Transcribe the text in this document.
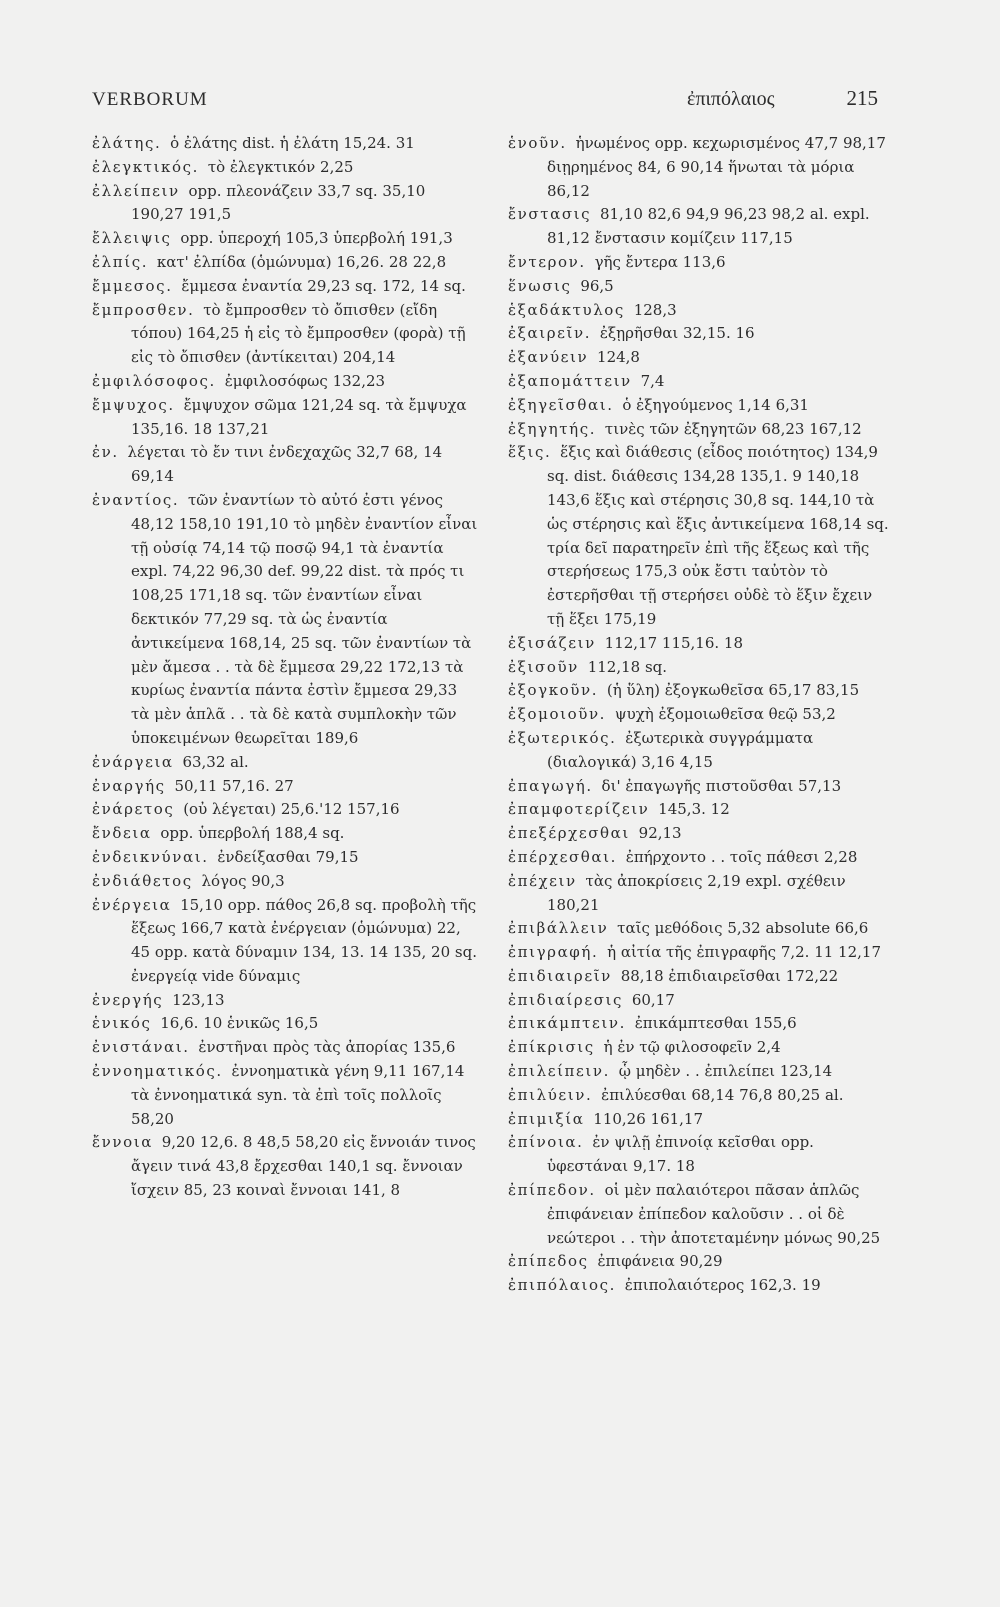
VERBORUM	ἐπιπόλαιος	215
ἐλάτης. ὁ ἐλάτης dist. ἡ ἐλάτη 15,24. 31
ἐλεγκτικός. τὸ ἐλεγκτικόν 2,25
ἐλλείπειν opp. πλεονάζειν 33,7 sq. 35,10 190,27 191,5
ἔλλειψις opp. ὑπεροχή 105,3 ὑπερβολή 191,3
ἐλπίς. κατ' ἐλπίδα (ὁμώνυμα) 16,26. 28 22,8
ἔμμεσος. ἔμμεσα ἐναντία 29,23 sq. 172, 14 sq.
ἔμπροσθεν. τὸ ἔμπροσθεν τὸ ὄπισθεν (εἴδη τόπου) 164,25 ἡ εἰς τὸ ἔμπροσθεν (φορὰ) τῇ εἰς τὸ ὄπισθεν (ἀντίκειται) 204,14
ἐμφιλόσοφος. ἐμφιλοσόφως 132,23
ἔμψυχος. ἔμψυχον σῶμα 121,24 sq. τὰ ἔμψυχα 135,16. 18 137,21
ἐν. λέγεται τὸ ἔν τινι ἐνδεχαχῶς 32,7 68, 14 69,14
ἐναντίος. τῶν ἐναντίων τὸ αὐτό ἐστι γένος 48,12 158,10 191,10 τὸ μηδὲν ἐναντίον εἶναι τῇ οὐσίᾳ 74,14 τῷ ποσῷ 94,1 τὰ ἐναντία expl. 74,22 96,30 def. 99,22 dist. τὰ πρός τι 108,25 171,18 sq. τῶν ἐναντίων εἶναι δεκτικόν 77,29 sq. τὰ ὡς ἐναντία ἀντικείμενα 168,14, 25 sq. τῶν ἐναντίων τὰ μὲν ἄμεσα . . τὰ δὲ ἔμμεσα 29,22 172,13 τὰ κυρίως ἐναντία πάντα ἐστὶν ἔμμεσα 29,33 τὰ μὲν ἁπλᾶ . . τὰ δὲ κατὰ συμπλοκὴν τῶν ὑποκειμένων θεωρεῖται 189,6
ἐνάργεια 63,32 al.
ἐναργής 50,11 57,16. 27
ἐνάρετος (οὐ λέγεται) 25,6.'12 157,16
ἔνδεια opp. ὑπερβολή 188,4 sq.
ἐνδεικνύναι. ἐνδείξασθαι 79,15
ἐνδιάθετος λόγος 90,3
ἐνέργεια 15,10 opp. πάθος 26,8 sq. προβολὴ τῆς ἕξεως 166,7 κατὰ ἐνέργειαν (ὁμώνυμα) 22, 45 opp. κατὰ δύναμιν 134, 13. 14 135, 20 sq. ἐνεργείᾳ vide δύναμις
ἐνεργής 123,13
ἑνικός 16,6. 10 ἑνικῶς 16,5
ἐνιστάναι. ἐνστῆναι πρὸς τὰς ἀπορίας 135,6
ἐννοηματικός. ἐννοηματικὰ γένη 9,11 167,14 τὰ ἐννοηματικά syn. τὰ ἐπὶ τοῖς πολλοῖς 58,20
ἔννοια 9,20 12,6. 8 48,5 58,20 εἰς ἔννοιάν τινος ἄγειν τινά 43,8 ἔρχεσθαι 140,1 sq. ἔννοιαν ἴσχειν 85, 23 κοιναὶ ἔννοιαι 141, 8
ἑνοῦν. ἡνωμένος opp. κεχωρισμένος 47,7 98,17 διῃρημένος 84, 6 90,14 ἥνωται τὰ μόρια 86,12
ἔνστασις 81,10 82,6 94,9 96,23 98,2 al. expl. 81,12 ἔνστασιν κομίζειν 117,15
ἔντερον. γῆς ἔντερα 113,6
ἕνωσις 96,5
ἑξαδάκτυλος 128,3
ἐξαιρεῖν. ἐξῃρῆσθαι 32,15. 16
ἐξανύειν 124,8
ἐξαπομάττειν 7,4
ἐξηγεῖσθαι. ὁ ἐξηγούμενος 1,14 6,31
ἐξηγητής. τινὲς τῶν ἐξηγητῶν 68,23 167,12
ἕξις. ἕξις καὶ διάθεσις (εἶδος ποιότητος) 134,9 sq. dist. διάθεσις 134,28 135,1. 9 140,18 143,6 ἕξις καὶ στέρησις 30,8 sq. 144,10 τὰ ὡς στέρησις καὶ ἕξις ἀντικείμενα 168,14 sq. τρία δεῖ παρατηρεῖν ἐπὶ τῆς ἕξεως καὶ τῆς στερήσεως 175,3 οὐκ ἔστι ταὐτὸν τὸ ἐστερῆσθαι τῇ στερήσει οὐδὲ τὸ ἕξιν ἔχειν τῇ ἕξει 175,19
ἐξισάζειν 112,17 115,16. 18
ἐξισοῦν 112,18 sq.
ἐξογκοῦν. (ἡ ὕλη) ἐξογκωθεῖσα 65,17 83,15
ἐξομοιοῦν. ψυχὴ ἐξομοιωθεῖσα θεῷ 53,2
ἐξωτερικός. ἐξωτερικὰ συγγράμματα (διαλογικά) 3,16 4,15
ἐπαγωγή. δι' ἐπαγωγῆς πιστοῦσθαι 57,13
ἐπαμφοτερίζειν 145,3. 12
ἐπεξέρχεσθαι 92,13
ἐπέρχεσθαι. ἐπήρχοντο . . τοῖς πάθεσι 2,28
ἐπέχειν τὰς ἀποκρίσεις 2,19 expl. σχέθειν 180,21
ἐπιβάλλειν ταῖς μεθόδοις 5,32 absolute 66,6
ἐπιγραφή. ἡ αἰτία τῆς ἐπιγραφῆς 7,2. 11 12,17
ἐπιδιαιρεῖν 88,18 ἐπιδιαιρεῖσθαι 172,22
ἐπιδιαίρεσις 60,17
ἐπικάμπτειν. ἐπικάμπτεσθαι 155,6
ἐπίκρισις ἡ ἐν τῷ φιλοσοφεῖν 2,4
ἐπιλείπειν. ᾧ μηδὲν . . ἐπιλείπει 123,14
ἐπιλύειν. ἐπιλύεσθαι 68,14 76,8 80,25 al.
ἐπιμιξία 110,26 161,17
ἐπίνοια. ἐν ψιλῇ ἐπινοίᾳ κεῖσθαι opp. ὑφεστάναι 9,17. 18
ἐπίπεδον. οἱ μὲν παλαιότεροι πᾶσαν ἁπλῶς ἐπιφάνειαν ἐπίπεδον καλοῦσιν . . οἱ δὲ νεώτεροι . . τὴν ἀποτεταμένην μόνως 90,25
ἐπίπεδος ἐπιφάνεια 90,29
ἐπιπόλαιος. ἐπιπολαιότερος 162,3. 19
